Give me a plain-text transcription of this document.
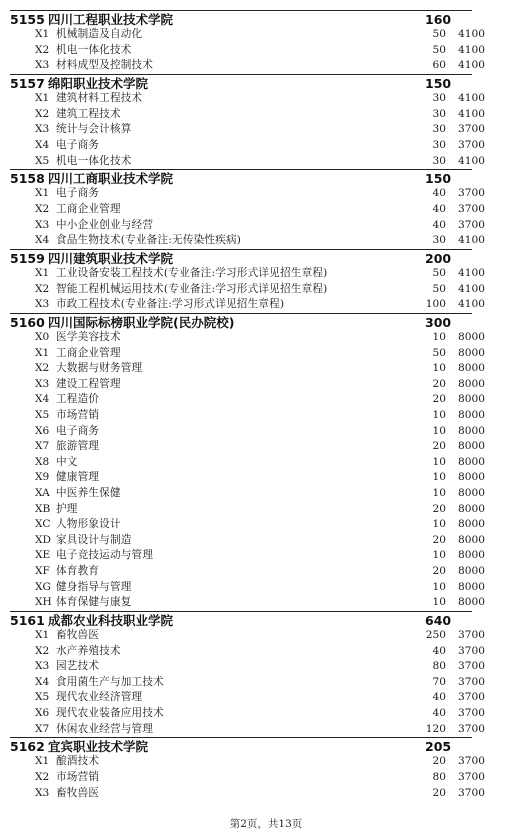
5155 四川工程职业技术学院	160
X1 机械制造及自动化	50 4100
X2 机电一体化技术	50 4100
X3 材料成型及控制技术	60 4100
5157 绵阳职业技术学院	150
X1 建筑材料工程技术	30 4100
X2 建筑工程技术	30 4100
X3 统计与会计核算	30 3700
X4 电子商务	30 3700
X5 机电一体化技术	30 4100
5158 四川工商职业技术学院	150
X1 电子商务	40 3700
X2 工商企业管理	40 3700
X3 中小企业创业与经营	40 3700
X4 食品生物技术(专业备注:无传染性疾病)	30 4100
5159 四川建筑职业技术学院	200
X1 工业设备安装工程技术(专业备注:学习形式详见招生章程)	50 4100
X2 智能工程机械运用技术(专业备注:学习形式详见招生章程)	50 4100
X3 市政工程技术(专业备注:学习形式详见招生章程)	100 4100
5160 四川国际标榜职业学院(民办院校)	300
X0 医学美容技术	10 8000
X1 工商企业管理	50 8000
X2 大数据与财务管理	10 8000
X3 建设工程管理	20 8000
X4 工程造价	20 8000
X5 市场营销	10 8000
X6 电子商务	10 8000
X7 旅游管理	20 8000
X8 中文	10 8000
X9 健康管理	10 8000
XA 中医养生保健	10 8000
XB 护理	20 8000
XC 人物形象设计	10 8000
XD 家具设计与制造	20 8000
XE 电子竞技运动与管理	10 8000
XF 体育教育	20 8000
XG 健身指导与管理	10 8000
XH 体育保健与康复	10 8000
5161 成都农业科技职业学院	640
X1 畜牧兽医	250 3700
X2 水产养殖技术	40 3700
X3 园艺技术	80 3700
X4 食用菌生产与加工技术	70 3700
X5 现代农业经济管理	40 3700
X6 现代农业装备应用技术	40 3700
X7 休闲农业经营与管理	120 3700
5162 宜宾职业技术学院	205
X1 酿酒技术	20 3700
X2 市场营销	80 3700
X3 畜牧兽医	20 3700
第2页，共13页
